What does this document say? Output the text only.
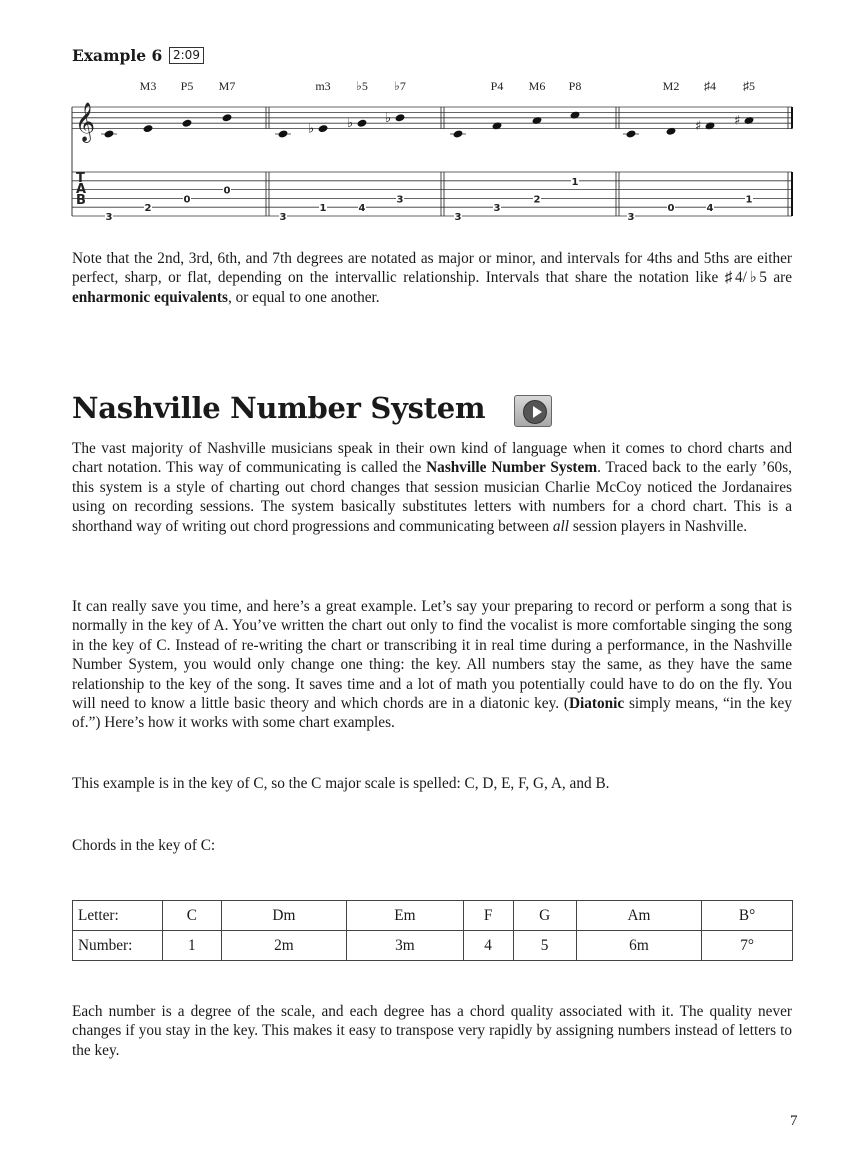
Example 6 2:09
𝄞
T
A
B
3
M3
2
P5
0
M7
0
3
♭
m3
1
♭
♭5
4
♭
♭7
3
3
P4
3
M6
2
P8
1
3
M2
0
♯
♯4
4
♯
♯5
1

Note that the 2nd, 3rd, 6th, and 7th degrees are notated as major or minor, and intervals for 4ths and 5ths are either perfect, sharp, or flat, depending on the intervallic relationship. Intervals that share the notation like ♯4/♭5 are enharmonic equivalents, or equal to one another.

Nashville Number System

The vast majority of Nashville musicians speak in their own kind of language when it comes to chord charts and chart notation. This way of communicating is called the Nashville Number System. Traced back to the early ’60s, this system is a style of charting out chord changes that session musician Charlie McCoy noticed the Jordanaires using on recording sessions. The system basically substitutes letters with numbers for a chord chart. This is a shorthand way of writing out chord progressions and communicating between all session players in Nashville.

It can really save you time, and here’s a great example. Let’s say your preparing to record or perform a song that is normally in the key of A. You’ve written the chart out only to find the vocalist is more comfortable singing the song in the key of C. Instead of re-writing the chart or transcribing it in real time during a performance, in the Nashville Number System, you would only change one thing: the key. All numbers stay the same, as they have the same relationship to the key of the song. It saves time and a lot of math you potentially could have to do on the fly. You will need to know a little basic theory and which chords are in a diatonic key. (Diatonic simply means, “in the key of.”) Here’s how it works with some chart examples.

This example is in the key of C, so the C major scale is spelled: C, D, E, F, G, A, and B.

Chords in the key of C:

Letter:	C	Dm	Em	F	G	Am	B°
Number:	1	2m	3m	4	5	6m	7°

Each number is a degree of the scale, and each degree has a chord quality associated with it. The quality never changes if you stay in the key. This makes it easy to transpose very rapidly by assigning numbers instead of letters to the key.

7
